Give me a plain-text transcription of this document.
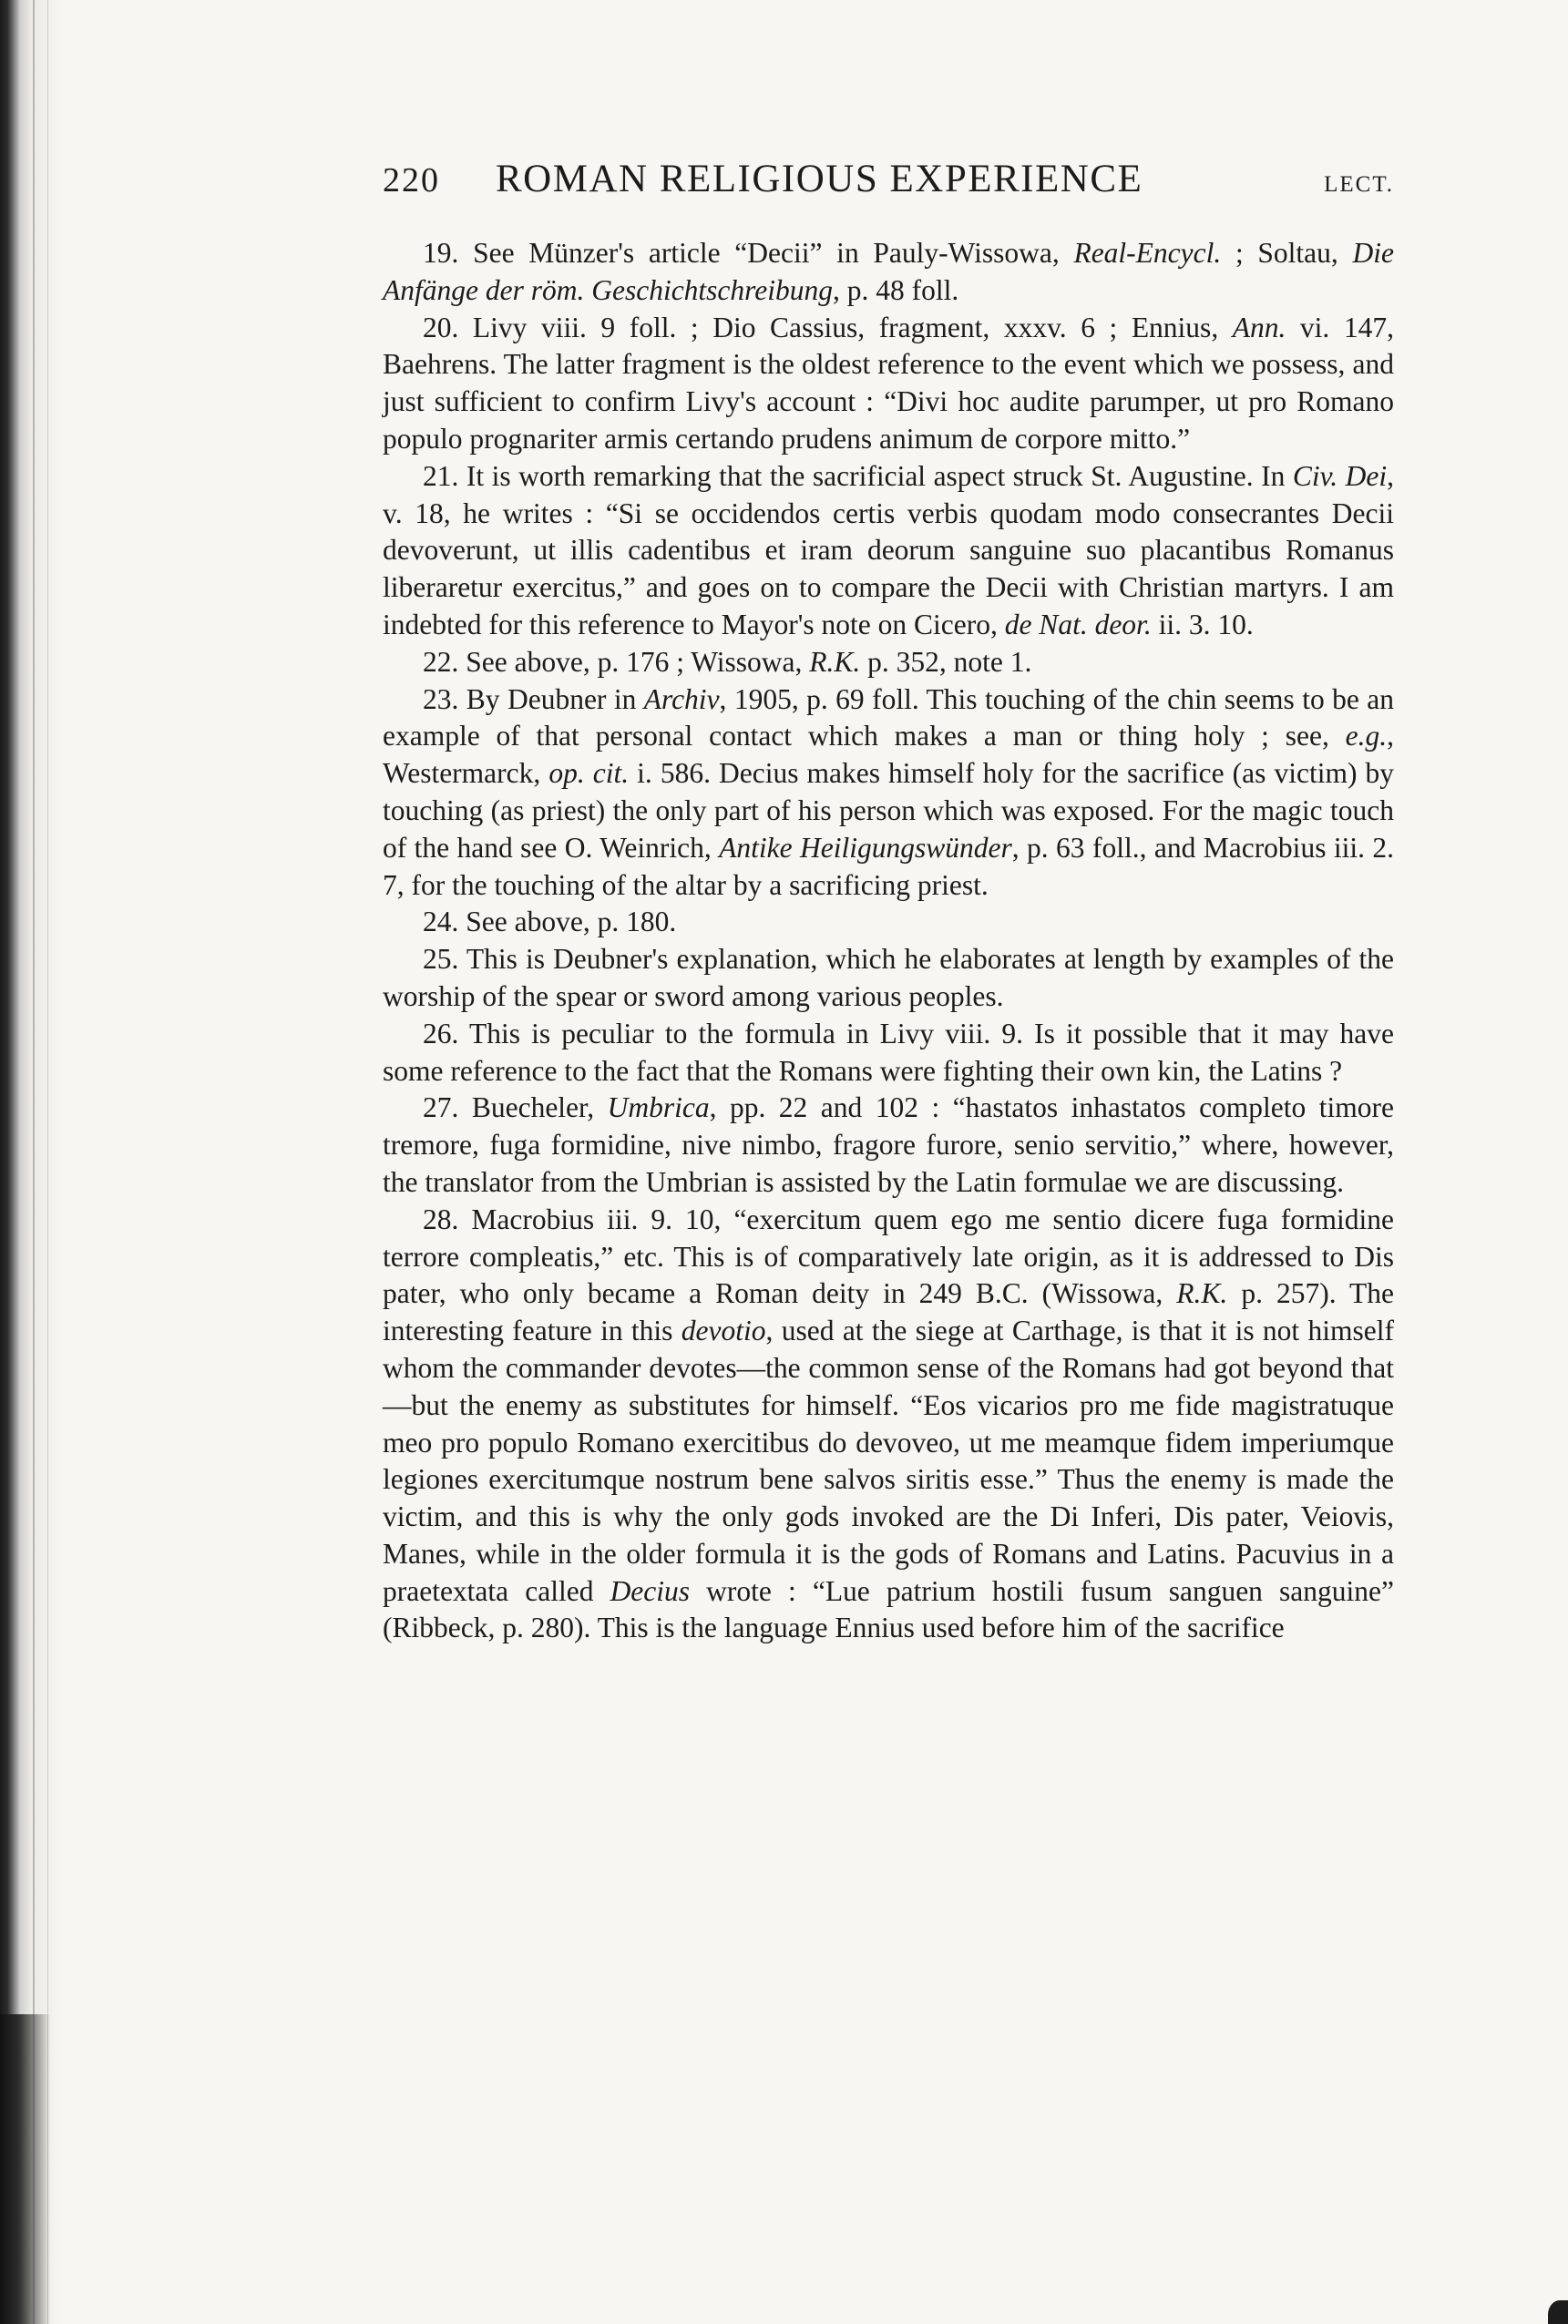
220	ROMAN RELIGIOUS EXPERIENCE	LECT.

19. See Münzer's article “Decii” in Pauly-Wissowa, Real-Encycl. ; Soltau, Die Anfänge der röm. Geschichtschreibung, p. 48 foll.

20. Livy viii. 9 foll. ; Dio Cassius, fragment, xxxv. 6 ; Ennius, Ann. vi. 147, Baehrens. The latter fragment is the oldest reference to the event which we possess, and just sufficient to confirm Livy's account : “Divi hoc audite parumper, ut pro Romano populo prognariter armis certando prudens animum de corpore mitto.”

21. It is worth remarking that the sacrificial aspect struck St. Augustine. In Civ. Dei, v. 18, he writes : “Si se occidendos certis verbis quodam modo consecrantes Decii devoverunt, ut illis cadentibus et iram deorum sanguine suo placantibus Romanus liberaretur exercitus,” and goes on to compare the Decii with Christian martyrs. I am indebted for this reference to Mayor's note on Cicero, de Nat. deor. ii. 3. 10.

22. See above, p. 176 ; Wissowa, R.K. p. 352, note 1.

23. By Deubner in Archiv, 1905, p. 69 foll. This touching of the chin seems to be an example of that personal contact which makes a man or thing holy ; see, e.g., Westermarck, op. cit. i. 586. Decius makes himself holy for the sacrifice (as victim) by touching (as priest) the only part of his person which was exposed. For the magic touch of the hand see O. Weinrich, Antike Heiligungswünder, p. 63 foll., and Macrobius iii. 2. 7, for the touching of the altar by a sacrificing priest.

24. See above, p. 180.

25. This is Deubner's explanation, which he elaborates at length by examples of the worship of the spear or sword among various peoples.

26. This is peculiar to the formula in Livy viii. 9. Is it possible that it may have some reference to the fact that the Romans were fighting their own kin, the Latins ?

27. Buecheler, Umbrica, pp. 22 and 102 : “hastatos inhastatos completo timore tremore, fuga formidine, nive nimbo, fragore furore, senio servitio,” where, however, the translator from the Umbrian is assisted by the Latin formulae we are discussing.

28. Macrobius iii. 9. 10, “exercitum quem ego me sentio dicere fuga formidine terrore compleatis,” etc. This is of comparatively late origin, as it is addressed to Dis pater, who only became a Roman deity in 249 B.C. (Wissowa, R.K. p. 257). The interesting feature in this devotio, used at the siege at Carthage, is that it is not himself whom the commander devotes—the common sense of the Romans had got beyond that—but the enemy as substitutes for himself. “Eos vicarios pro me fide magistratuque meo pro populo Romano exercitibus do devoveo, ut me meamque fidem imperiumque legiones exercitumque nostrum bene salvos siritis esse.” Thus the enemy is made the victim, and this is why the only gods invoked are the Di Inferi, Dis pater, Veiovis, Manes, while in the older formula it is the gods of Romans and Latins. Pacuvius in a praetextata called Decius wrote : “Lue patrium hostili fusum sanguen sanguine” (Ribbeck, p. 280). This is the language Ennius used before him of the sacrifice
